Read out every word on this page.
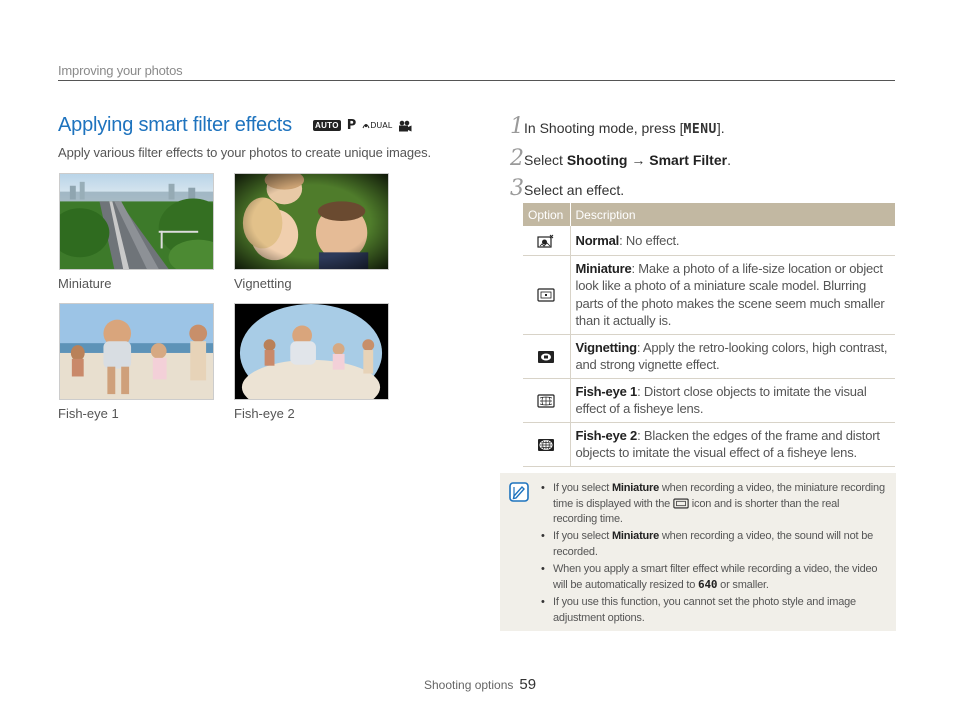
Improving your photos
Applying smart filter effects	AUTO P	DUAL

Apply various filter effects to your photos to create unique images.

Miniature	Vignetting
Fish-eye 1	Fish-eye 2
1 In Shooting mode, press [MENU].
2 Select Shooting → Smart Filter.
3 Select an effect.
Option	Description
	Normal: No effect.
	Miniature: Make a photo of a life-size location or object look like a photo of a miniature scale model. Blurring parts of the photo makes the scene seem much smaller than it actually is.
	Vignetting: Apply the retro-looking colors, high contrast, and strong vignette effect.
	Fish-eye 1: Distort close objects to imitate the visual effect of a fisheye lens.
	Fish-eye 2: Blacken the edges of the frame and distort objects to imitate the visual effect of a fisheye lens.
• If you select Miniature when recording a video, the miniature recording time is displayed with the  icon and is shorter than the real recording time.
• If you select Miniature when recording a video, the sound will not be recorded.
• When you apply a smart filter effect while recording a video, the video will be automatically resized to 640 or smaller.
• If you use this function, you cannot set the photo style and image adjustment options.
Shooting options 59
